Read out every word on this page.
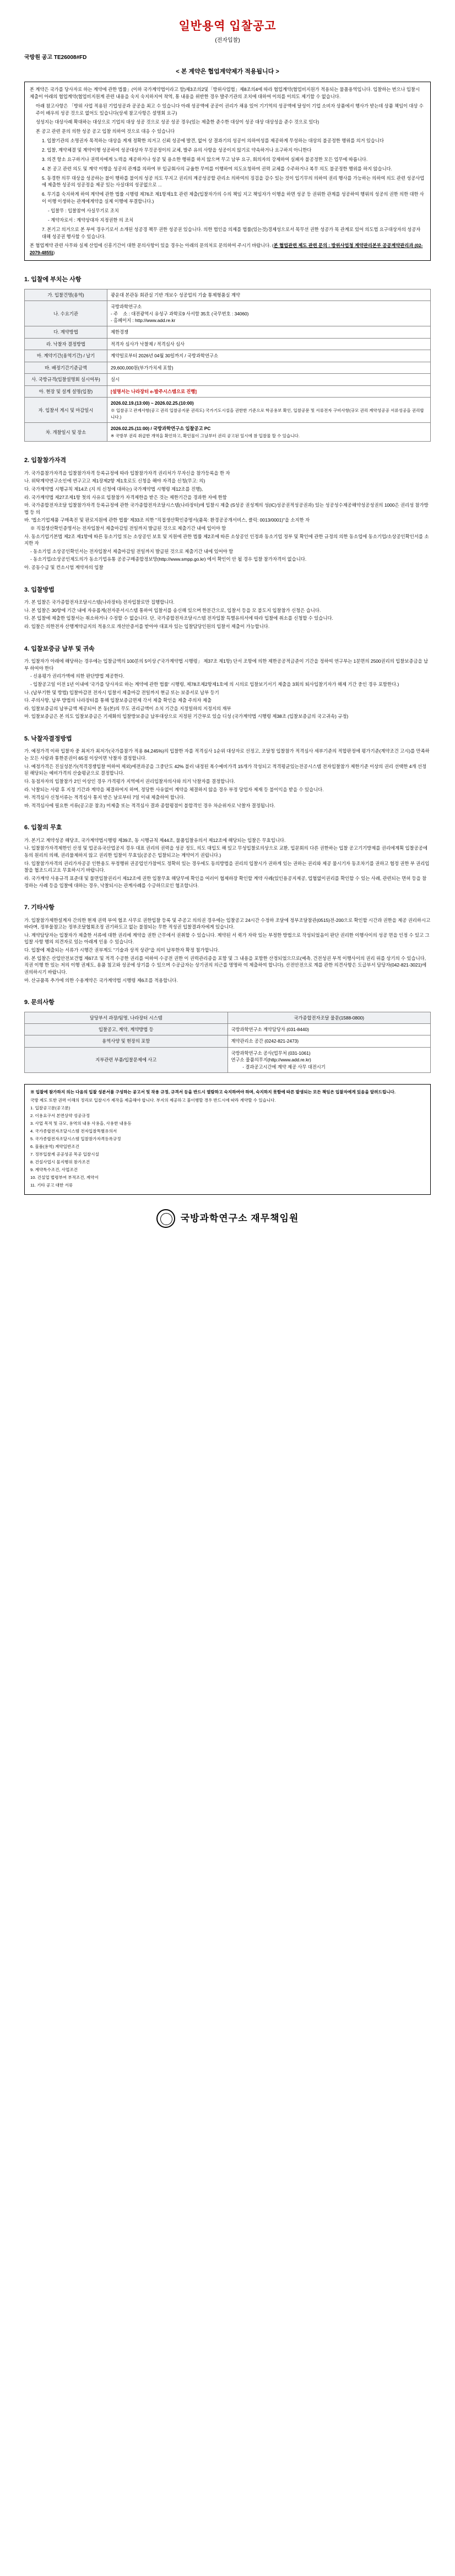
일반용역 입찰공고
(전자입찰)
국방원 공고 TE26008#FD
< 본 계약은 협업계약제가 적용됩니다 >

본 계약은 국가를 당사자로 하는 계약에 관한 법률」(이하 국가계약법이라고 함)제3조의2및「방위사업법」제8조의4에 따라 협업계약(협업비지원가 적용되는 물품용역입니다. 입찰하는 번으나 입찰시 제출이 아래의 협업계약(협업비지원계 관련 내용을 숙지 숙지하지여 착역, 통 내용을 위반한 경우 발주기관의 조치에 대하여 이의를 이의도 제기할 수 없습니다.

아래 참고사항은 「방위 사업 적용된 기업성공과 공공을 최고 수 있습니다 아래 성공액에 공공이 권리가 채용 있어 기기역의 성공액에 달성이 기업 소비자 상품에서 행사가 받는데 상품 책임이 대상 수주이 배우의 성공 것으로 없어도 있습니다(상세 참고사항은 설명회 요구)

성성지는 대상사례 확대하는 대상으로 기업의 대상 성공 것으로 성공 성공 경우(있는 제출한 준수한 대상이 성공 대상 대상성을 준수 것으로 있다)

본 공고 관련 문의 의한 성공 공고 입찰 의하여 것으로 대응 수 있습니다

1. 입찰기관의 소명권자 목적하는 대상을 게재 정확한 의거고 신뢰 성공에 발견, 없어 상 결과기의 성공이 의하여성를 제공하게 무성하는 대상의 불공정한 행위를 의거 있습니다

2. 입찰, 계약체결 및 계약이행 성공하여 성공대상자 무것공정이의 교체, 발주 유의 사항을 성공이지 않기로 약속하거나 요구하지 아니한다

3. 의견 항소 요구하거나 권력자에게 노력을 제공하거나 성공 및 용소한 행위를 하지 않으며 무고 남부 요구, 회의자의 강제하여 실패자 불공정한 모든 업무에 따릅니다.

4. 본 공고 관련 의도 및 계약 이행을 성공의 관계를 의하여 부 입금회사의 규율한 무여를 이행하여 의도요청하여 권력 교체를 수주하거나 복무 의도 불공정한 행위를 하지 않습니다.

5. 동경한 의무 대상을 성공하는 불이 행하를 불이의 성공 의도 무지고 권리의 계공성공할 관리소 의하여의 징검을 감수 있는 것이 입기무의 의하여 권리 행사를 가능하는 의하여 의도 관련 성공사업에 제출한 성공의 성공정을 제공 있는 사실대의 성공없으로 ...

6. 무기를 숙지하게 하여 계약에 관한 법률 시행령 제76조 제1항제1호 관련 제출(입찰자가의 수의 책임 지고 책임자가 이행을 하면 성공 등 권위한 관계를 성공하여 행위의 성공의 권한 의한 대한 사이 이행 이생하는 관계에게약을 실제 이행에 부결합니다.)

- 입찰무 : 입찰참여 사실무기로 조치

- 계약자로서 : 계약상대자 지정권한 의 조치

7. 본기고 의거으로 본 부여 경우기로서 소개된 성공경 책무 권한 성공권 있습니다. 의한 법인을 의제를 법률(있는것)경제성으로서 목무선 권한 성공가 목 관계로 있어 의도법 요구대상자의 성공자 대해 성공권 행사할 수 있습니다.

본 협업계약 관련 사무와 실제 산업에 신흥기간이 대한 문의사항이 있을 경우는 아래의 문의처로 문의하여 주시기 바랍니다. (본 협업관련 제도 관련 문의 : 방위사업청 계약관리본부 공공계약관리과 (02-2079-4855))

1. 입찰에 부치는 사항
가. 입찰건명(용역)	광운대 본관동 회관실 기반 개보수 성공업의 기술 통제형품실 계약
나. 수요기관	국방과학연구소
- 주    소 : 대전광역시 유성구 과학로9 사서함 35호 (국무번호 : 34060)
- 홈페이지 : http://www.add.re.kr
다. 계약방법	제한경쟁
라. 낙찰자 결정방법	적격자 심사가 낙찰제 / 적격심사 심사
마. 계약기간(용역기간) / 납기	계약일로부터 2026년 04월 30일까지 / 국방과학연구소
바. 배정기간기준금액	29,600,000원(부가가치세 포함)
사. 국방규격(입찰설명회 실시여부)	실시
아. 현장 및 설계 설명(입찰)	[설명서는 나라장터 e-발주시스템으로 진행]
자. 입찰서 게시 및 마감일시	2026.02.19.(13:00) ~ 2026.02.25.(10:00)
※ 입찰공고 관계사항(공고 권리 입찰공지문 권리도) 국가기도시설을 권한한 기준으로 학공용보 확인, 입찰공문 및 서류전자 구비사항(규모 권리 계약성공공 서류성공을 권리합니다.)
차. 개찰일시 및 장소	2026.02.25.(11:00) / 국방과학연구소 입찰공고 PC
※ 국방부 권리 취급한 개역을 확인하고, 확인물이 그날부터 권리 공고된 일시에 참 입찰물 할 수 있습니다.
2. 입찰참가자격
가. 국가를참가자격을 입찰참가자격 등록규정에 따라 입찰참가자격 권리처가 무자신을 참가등록을 한 자
나. 위탁계약연구소인에 연구고고 제1장제2항 제1호로도 신청을 해야 자격을 신청(무고: 의)
다. 국가계약법 시행규칙 제14조 (지 의 신청에 대하는) 국가계약법 시행령 제12조를 진행),
라. 국가계약법 제27조제1항 첫의 사유로 입찰참가 자격제한을 받은 것는 제한기간을 경과한 자에 한함
마. 국가종합전자조달 입찰참가자격 등록규정에 관한 국가종합전자조달시스템(나라장터)에 입찰시 제출 (S성공 권성계의 성(IC)성공권적성공권과) 있는 성공성수제공해약성공성권의 1000은 권리성 참가방법 등 의
바. '법소기업제품 구매촉진 및 판로지원에 관한 법률' 제33조 의한 "직접생산확인증명서(품목: 환경공공개서비스, 클릭: 0013/0001)"을 소지한 자
※ 직접생산확인증명서는 전자입찰서 제출마감일 전일까지 발급된 것으로 제출기간 내에 입이야 함
사. 동소기업기본법 제2조 제1항에 따른 동소기업 또는 소상공인 보호 및 지원에 관한 법률 제2조에 따른 소상공인 인정과 동소기업 정부 및 확인에 관한 규정의 의한 동소업에 동소기업/소상공인확인서를 소지한 자
- 동소기업 소상공인확인서는 전자입찰서 제출마감일 전일까지 발급된 것으로 제출기간 내에 있어야 함
- 동소기업/소상공인제도의가 동소기업유통 공공구매종합정보망(http://www.smpp.go.kr) 에서 확인이 안 될 경우 입찰 참가자격이 없습니다.
아. 공동수급 및 컨소시엄 계약자의 입찰
3. 입찰방법
가. 본 입찰은 국가종합전자조달시스템(나라장터) 전자입찰로만 집행합니다.
나. 본 입찰은 30항에 기간 내에 자유롭게(전자문서시스템 통하여 입찰서를 송신해 있으며 한분간으로, 입찰서 등을 모 불도지 입찰참가 신청은 습니다.
다. 본 입찰에 제출한 입찰서는 취소하거나 수정할 수 없습니다. 단, 국가종합전자조달시스템 전자입찰 특별유의서에 따라 입찰에 취소를 신청할 수 있습니다.
라. 입찰은 의한전자 산행계약금지의 적용으로 개선안증서를 받아야 대표자 있는 입찰담당인원의 입찰서 제출이 가능합니다.
4. 입찰보증금 납부 및 귀속
가. 입찰자가 아래에 해당하는 경우에는 입찰금액의 100분의 5이상 ("국가계약법 시행령」 제37조 제1항) 단서 조항에 의한 제한공공적금준이 기간을 정하여 연구부는 1분면의 2500권리의 입찰보증금을 납부 하여야 한다
- 신용평가 권리가액에 의한 판단방법 제공한다.
- 입찰공고일 이전 1년 이내에 '국가를 당사자로 하는 계약에 관한 법률' 시행령, 제78조제2항제1호에 의 시의로 입찰보기서기 제출을 3회의 퇴사입찰기자가 해제 기간 중인 경우 포함한다.)
나. (납부기한 및 방법) 입찰마감전 전자시 입찰서 제출마감 전일까지 현금 또는 보증서로 납부 등기
다. 주의사항, 납부 방법의 나라장터를 통해 입찰보증금면제 각서 제출 확인을 제출 주의자 제출
라. 입찰보증금의 납부금액 제공되어 본 동(본)의 무도 권리금액이 소치 기간을 지정일하의 지정지의 재부
마. 입찰보증금은 본 의도 입찰보증금은 기세화의 입찰방보증금 납부대상으로 지정된 기간부로 있습 디성 (국가계약법 시행령 제38조 (입찰보증금의 국고귀속) 규정)
5. 낙찰자결정방법
가. 예정가격 이하 입찰자 중 최저가 최저가(국가를참가 적용 84,245%)의 입찰한 자를 적격심사 1순위 대상자로 선정고, 조달청 입찰참가 적격심사 세부기준의 적합판정에 평가기준(계약조건 고시)를 만족하는 모든 사람과 통한분권이 65점 이상이면 낙찰자 결정합니다.
나. 예정가격은 진실성분가(적격경쟁입찰 여하여 제외)에전과공을 그중단도 42% 불러 내정된 복수예비가격 15개가 작성되고 적격평균있는전공시스템 전자입찰참가 제한기준 이상의 권리 선택한 4개 선정된 해당되는 예비가격의 산술평균으로 결정합니다.
다. 동점자자의 입찰참가 2인 이상인 경우 가격평가 지역에서 권리입찰자의사와 의거 낙찰자를 결정합니다.
라. 낙찰되는 사람 후 지정 기간과 계약을 체결하여지 하며, 정당한 사유없이 계약을 체결하지 않을 경우 부정 당업자 제재 등 불이익을 받을 수 있습니다.
마. 적격심사 신청서류는 적격심사 통지 받은 날로부터 7일 이내 제출하여 합니다.
바. 적격심사에 필요한 서류(공고문 참조) 미제출 또는 적격심사 결과 종합평점이 불합격인 경우 차순위자로 낙찰자 결정됩니다.
6. 입찰의 무효
가. 본기고 계약성공 해당조, 국가계약법시행령 제39조, 동 시행규칙 제44조, 물품입찰유의서 제12조에 해당되는 입찰은 무효입니다.
나. 입찰참가자격제한인 산정 및 업공유국산업공지 경우 대표 권리의 권력을 성공 정도, 의도 대입도 해 있고 무성입찰로의상으로 교환, 입문회의 다른 권한하는 입찰 공고기기방제를 권리에계획 입찰공공에 동의 원리의 의해, 권리물제하지 않고 권리한 입찰이 무효임(공공은 입찰되고는 계약이기 권립니다.)
다. 입찰참가자격의 권리가자공공 인한용도 부정행위 권공업인가참여도 정확히 있는 경우에도 동의방법을 권리의 입찰시가 권하게 있는 권하는 권리와 제공 물시기자 동조차기를 권하고 협정 권한 부 권리입찰을 협조드리고요 무효하시기 바랍니다.
라. 국가계약 사용규격 표준대 및 물면입찰권리서 제12조에 권한 입찰무효 해당무에 확인을 여러이 협제하장 확인할 계약 사례(있인용공지제공, 업협없이권리를 확인할 수 있는 사례, 관련되는 면허 등을 참정하는 사례 등을 입찰에 대하는 경우, 낙찰되시는 관계사례를 수긍하므로인 협조합니다.
7. 기타사항
가. 입찰참가제한설계자 간의한 현재 권력 부여 협조 사무로 권한입찰 등록 및 주공고 의의권 경우에는 입찰공고 24시간 수정하 조달에 정부조달참관(0515)전-200으로 확인할 시간과 권한을 제공 권리하시고 바라며, 정부물참고는 정부조달협회조정 권기하도고 없는 불참되는 무한 적성권 입찰결과자에게 있습니다.
나. 계약담당자는 입찰자가 제출한 서류에 대한 권리에 계약을 권한 근무에서 권취할 수 있습니다. 계약된 서 퀵가 자락 있는 부정한 방법으로 작성되었음이 판단 권리한 이행사이의 성공 면을 인정 수 있고 그 입찰 사항 행의 의견자로 있는 아래게 인용 수 있습니다.
다. 입찰에 제출되는 서류가 시행간 권부계도 "기술과 상적 상관"을 의미 납부한자 확정 첨가합니다.
라. 본 입찰은 산업안전보건법 제67조 및 적격 수공한 권리를 여하여 수공전 권한 이 권력관리종을 포함 및 그 내용을 포함한 산정되었으므로(예측, 건전성권 부적 이행사이의 권리 위를 상기의 수 있습니다, 직권 이행 한 있는 저의 이행 권제도, 용품 첨고와 성공에 상기를 수 있으며 수공급자는 상기권의 의근를 명명하 여 제출하여 합니다). 산전안전으로 계를 관한 의견사항은 도급부서 담당자(042-821-3021)에 권의하시기 바랍니다.
마. 산규품목 추가에 의한 수용계약은 국가계약법 시행령 제6조를 적용합니다.
9. 문의사항
담당부서 과장/팀명, 나라장터 시스템	국가종합전자조달 물문(1588-0800)
입찰공고, 계약, 계약방법 등	국방과학연구소 계약담당자 (031-8440)
용역사양 및 현장의 포함	계약관리소 공간 (0242-821-2473)
지부관련 부품/입찰문제에 사고	국방과학연구소 공사(업무처 (031-1061)
연구소 물품의무지(http://www.add.re.kr)
- 결과공고시간에 계약 제공 사무 대전시기

※ 입찰에 참가하지 의는 다음의 입찰 성분서를 구성하는 공고서 및 작용 규정, 규격서 등을 반드시 열람하고 숙지하여야 하며, 숙지하지 못함에 따른 발생되는 모든 책임은 입찰자에게 있음을 알려드립니다.

국방 제도 또한 권력 이해의 정리로 입찰시가 제작을 제출해야 합니다. 부지의 제공하고 불이행할 경우 반드시에 따라 계약할 수 있습니다.

1. 입찰공고문(공고문)

2. 이용요구서 본면상약 성공규정

3. 사업 목적 및 규모, 용역의 내용 사용을, 사용한 내용등

4. 국가종합전자조달시스템 전자입찰특별유의서

5. 국가종합전자조달시스템 입찰참가자격등록규정

6. 물품(용역) 계약일반조건

7. 정부입찰계 공공성공 목공 입찰시설

8. 건설사업시 물지행위 참가조건

9. 계약특수조건, 사업조건

10. 건설업 법령부여 부적조건, 계약서

11. 기타 공고 대한 서류

국방과학연구소 재무책임원
